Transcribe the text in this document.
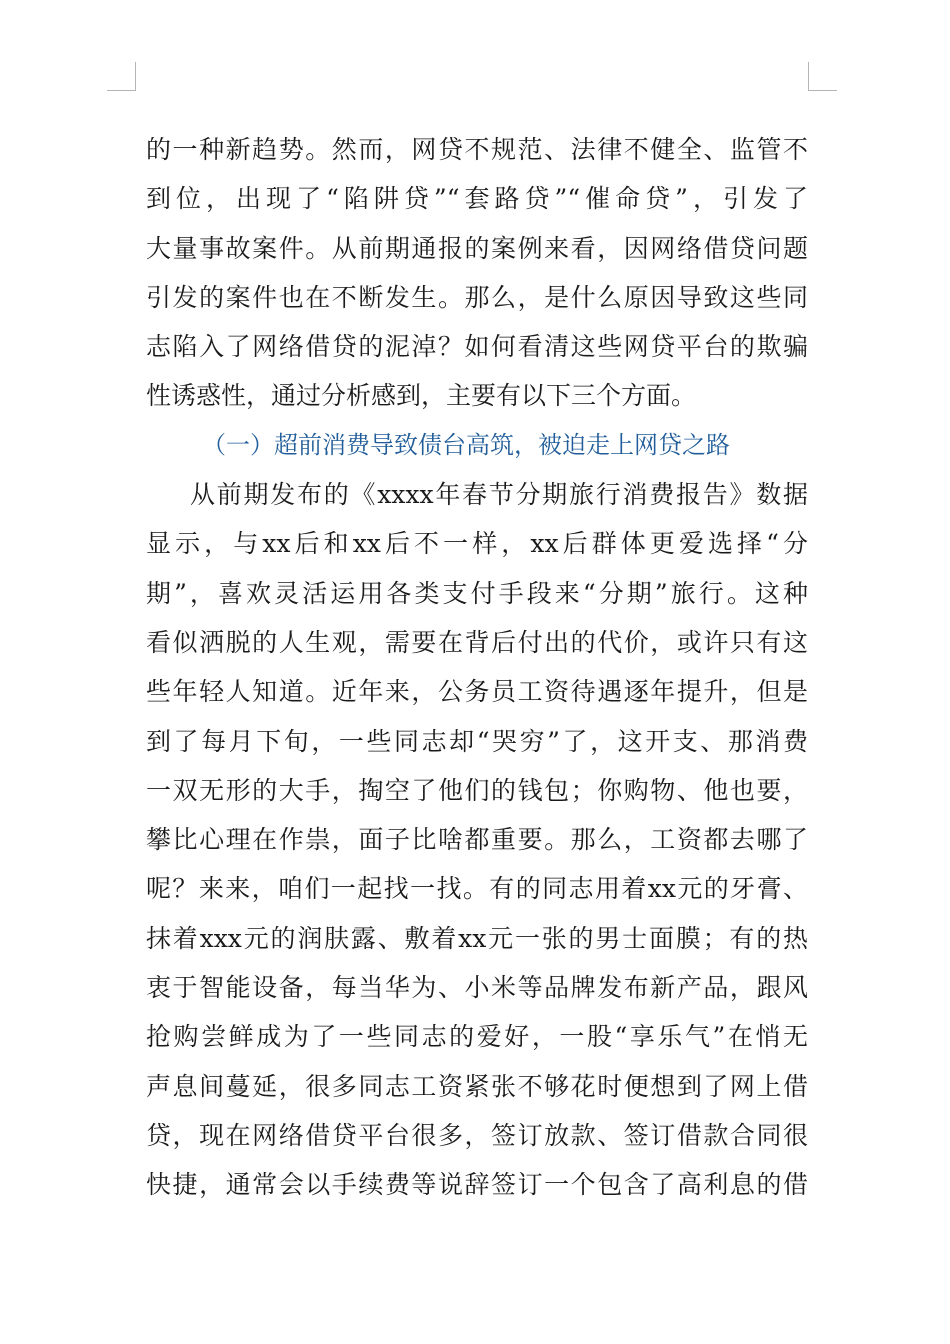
的一种新趋势。然而，网贷不规范、法律不健全、监管不
到位，出现了“陷阱贷”“套路贷”“催命贷”，引发了
大量事故案件。从前期通报的案例来看，因网络借贷问题
引发的案件也在不断发生。那么，是什么原因导致这些同
志陷入了网络借贷的泥淖？如何看清这些网贷平台的欺骗
性诱惑性，通过分析感到，主要有以下三个方面。
（一）超前消费导致债台高筑，被迫走上网贷之路
从前期发布的《xxxx年春节分期旅行消费报告》数据
显示，与xx后和xx后不一样，xx后群体更爱选择“分
期”，喜欢灵活运用各类支付手段来“分期”旅行。这种
看似洒脱的人生观，需要在背后付出的代价，或许只有这
些年轻人知道。近年来，公务员工资待遇逐年提升，但是
到了每月下旬，一些同志却“哭穷”了，这开支、那消费
一双无形的大手，掏空了他们的钱包；你购物、他也要，
攀比心理在作祟，面子比啥都重要。那么，工资都去哪了
呢？来来，咱们一起找一找。有的同志用着xx元的牙膏、
抹着xxx元的润肤露、敷着xx元一张的男士面膜；有的热
衷于智能设备，每当华为、小米等品牌发布新产品，跟风
抢购尝鲜成为了一些同志的爱好，一股“享乐气”在悄无
声息间蔓延，很多同志工资紧张不够花时便想到了网上借
贷，现在网络借贷平台很多，签订放款、签订借款合同很
快捷，通常会以手续费等说辞签订一个包含了高利息的借
